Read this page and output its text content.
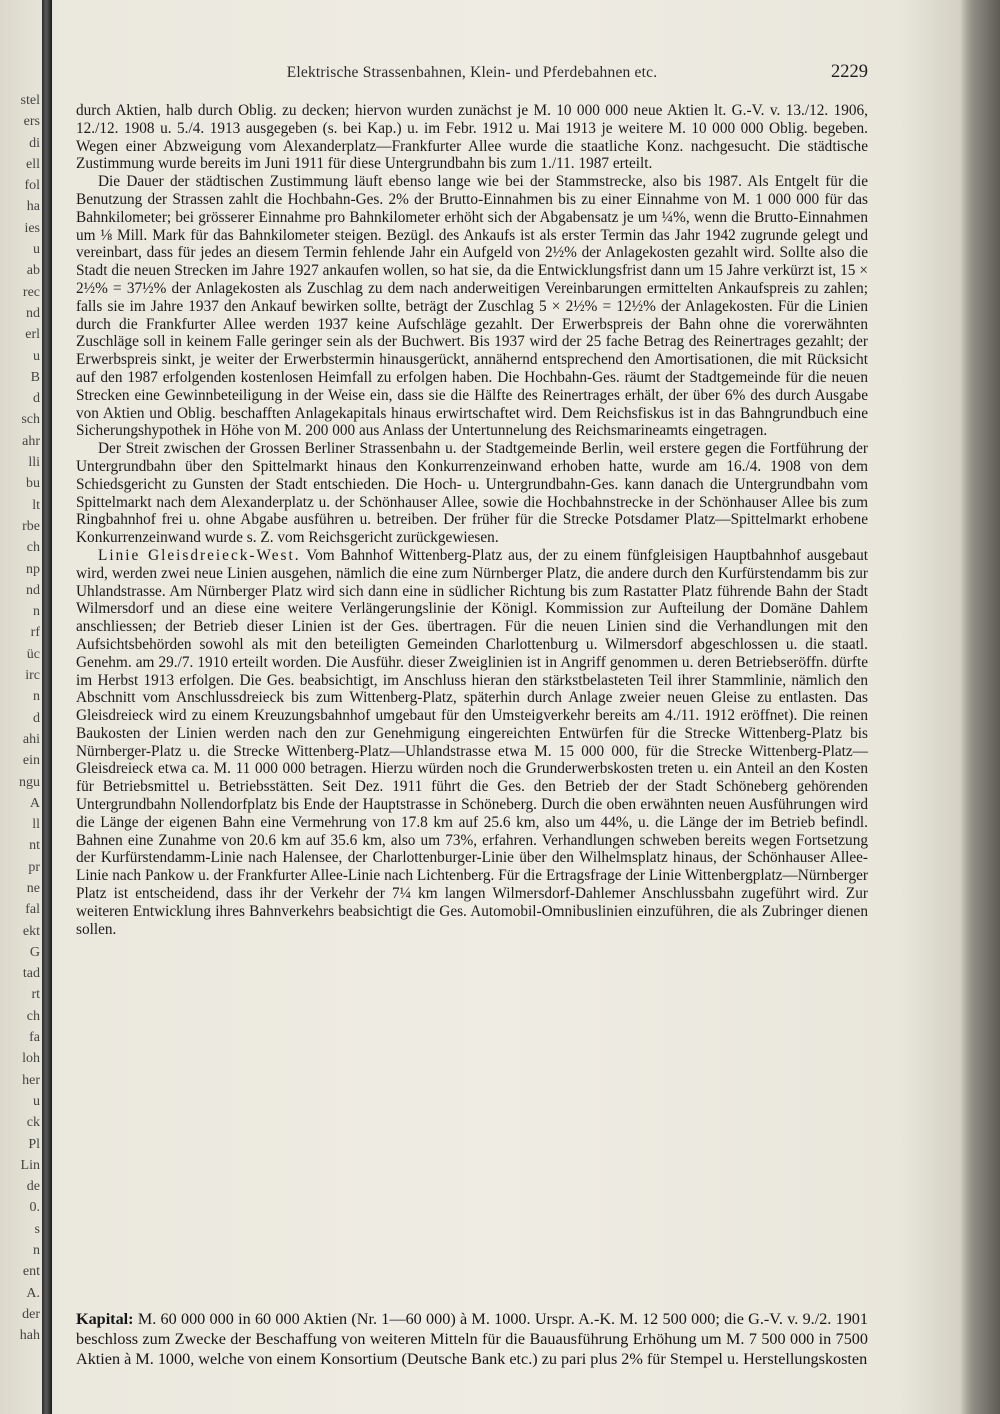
stel
ers
di
ell
fol
ha
ies
u
ab
rec
nd
erl
u
B
d
sch
ahr
lli
bu
lt
rbe
ch
np
nd
n
rf
üc
irc
n
d
ahi
ein
ngu
A
ll
nt
pr
ne
fal
ekt
G
tad
rt
ch
fa
loh
her
u
ck
Pl
Lin
de
0.
s
n
ent
A.
der
hah
Elektrische Strassenbahnen, Klein- und Pferdebahnen etc.	2229

durch Aktien, halb durch Oblig. zu decken; hiervon wurden zunächst je M. 10 000 000 neue Aktien lt. G.-V. v. 13./12. 1906, 12./12. 1908 u. 5./4. 1913 ausgegeben (s. bei Kap.) u. im Febr. 1912 u. Mai 1913 je weitere M. 10 000 000 Oblig. begeben. Wegen einer Abzweigung vom Alexanderplatz—Frankfurter Allee wurde die staatliche Konz. nachgesucht. Die städtische Zustimmung wurde bereits im Juni 1911 für diese Untergrundbahn bis zum 1./11. 1987 erteilt.

Die Dauer der städtischen Zustimmung läuft ebenso lange wie bei der Stammstrecke, also bis 1987. Als Entgelt für die Benutzung der Strassen zahlt die Hochbahn-Ges. 2% der Brutto-Einnahmen bis zu einer Einnahme von M. 1 000 000 für das Bahnkilometer; bei grösserer Einnahme pro Bahnkilometer erhöht sich der Abgabensatz je um ¼%, wenn die Brutto-Einnahmen um ⅛ Mill. Mark für das Bahnkilometer steigen. Bezügl. des Ankaufs ist als erster Termin das Jahr 1942 zugrunde gelegt und vereinbart, dass für jedes an diesem Termin fehlende Jahr ein Aufgeld von 2½% der Anlagekosten gezahlt wird. Sollte also die Stadt die neuen Strecken im Jahre 1927 ankaufen wollen, so hat sie, da die Entwicklungsfrist dann um 15 Jahre verkürzt ist, 15 × 2½% = 37½% der Anlagekosten als Zuschlag zu dem nach anderweitigen Vereinbarungen ermittelten Ankaufspreis zu zahlen; falls sie im Jahre 1937 den Ankauf bewirken sollte, beträgt der Zuschlag 5 × 2½% = 12½% der Anlagekosten. Für die Linien durch die Frankfurter Allee werden 1937 keine Aufschläge gezahlt. Der Erwerbspreis der Bahn ohne die vorerwähnten Zuschläge soll in keinem Falle geringer sein als der Buchwert. Bis 1937 wird der 25 fache Betrag des Reinertrages gezahlt; der Erwerbspreis sinkt, je weiter der Erwerbstermin hinausgerückt, annähernd entsprechend den Amortisationen, die mit Rücksicht auf den 1987 erfolgenden kostenlosen Heimfall zu erfolgen haben. Die Hochbahn-Ges. räumt der Stadtgemeinde für die neuen Strecken eine Gewinnbeteiligung in der Weise ein, dass sie die Hälfte des Reinertrages erhält, der über 6% des durch Ausgabe von Aktien und Oblig. beschafften Anlagekapitals hinaus erwirtschaftet wird. Dem Reichsfiskus ist in das Bahngrundbuch eine Sicherungshypothek in Höhe von M. 200 000 aus Anlass der Untertunnelung des Reichsmarineamts eingetragen.

Der Streit zwischen der Grossen Berliner Strassenbahn u. der Stadtgemeinde Berlin, weil erstere gegen die Fortführung der Untergrundbahn über den Spittelmarkt hinaus den Konkurrenzeinwand erhoben hatte, wurde am 16./4. 1908 von dem Schiedsgericht zu Gunsten der Stadt entschieden. Die Hoch- u. Untergrundbahn-Ges. kann danach die Untergrundbahn vom Spittelmarkt nach dem Alexanderplatz u. der Schönhauser Allee, sowie die Hochbahnstrecke in der Schönhauser Allee bis zum Ringbahnhof frei u. ohne Abgabe ausführen u. betreiben. Der früher für die Strecke Potsdamer Platz—Spittelmarkt erhobene Konkurrenzeinwand wurde s. Z. vom Reichsgericht zurückgewiesen.

Linie Gleisdreieck-West. Vom Bahnhof Wittenberg-Platz aus, der zu einem fünfgleisigen Hauptbahnhof ausgebaut wird, werden zwei neue Linien ausgehen, nämlich die eine zum Nürnberger Platz, die andere durch den Kurfürstendamm bis zur Uhlandstrasse. Am Nürnberger Platz wird sich dann eine in südlicher Richtung bis zum Rastatter Platz führende Bahn der Stadt Wilmersdorf und an diese eine weitere Verlängerungslinie der Königl. Kommission zur Aufteilung der Domäne Dahlem anschliessen; der Betrieb dieser Linien ist der Ges. übertragen. Für die neuen Linien sind die Verhandlungen mit den Aufsichtsbehörden sowohl als mit den beteiligten Gemeinden Charlottenburg u. Wilmersdorf abgeschlossen u. die staatl. Genehm. am 29./7. 1910 erteilt worden. Die Ausführ. dieser Zweiglinien ist in Angriff genommen u. deren Betriebseröffn. dürfte im Herbst 1913 erfolgen. Die Ges. beabsichtigt, im Anschluss hieran den stärkstbelasteten Teil ihrer Stammlinie, nämlich den Abschnitt vom Anschlussdreieck bis zum Wittenberg-Platz, späterhin durch Anlage zweier neuen Gleise zu entlasten. Das Gleisdreieck wird zu einem Kreuzungsbahnhof umgebaut für den Umsteigverkehr bereits am 4./11. 1912 eröffnet). Die reinen Baukosten der Linien werden nach den zur Genehmigung eingereichten Entwürfen für die Strecke Wittenberg-Platz bis Nürnberger-Platz u. die Strecke Wittenberg-Platz—Uhlandstrasse etwa M. 15 000 000, für die Strecke Wittenberg-Platz—Gleisdreieck etwa ca. M. 11 000 000 betragen. Hierzu würden noch die Grunderwerbskosten treten u. ein Anteil an den Kosten für Betriebsmittel u. Betriebsstätten. Seit Dez. 1911 führt die Ges. den Betrieb der der Stadt Schöneberg gehörenden Untergrundbahn Nollendorfplatz bis Ende der Hauptstrasse in Schöneberg. Durch die oben erwähnten neuen Ausführungen wird die Länge der eigenen Bahn eine Vermehrung von 17.8 km auf 25.6 km, also um 44%, u. die Länge der im Betrieb befindl. Bahnen eine Zunahme von 20.6 km auf 35.6 km, also um 73%, erfahren. Verhandlungen schweben bereits wegen Fortsetzung der Kurfürstendamm-Linie nach Halensee, der Charlottenburger-Linie über den Wilhelmsplatz hinaus, der Schönhauser Allee-Linie nach Pankow u. der Frankfurter Allee-Linie nach Lichtenberg. Für die Ertragsfrage der Linie Wittenbergplatz—Nürnberger Platz ist entscheidend, dass ihr der Verkehr der 7¼ km langen Wilmersdorf-Dahlemer Anschlussbahn zugeführt wird. Zur weiteren Entwicklung ihres Bahnverkehrs beabsichtigt die Ges. Automobil-Omnibuslinien einzuführen, die als Zubringer dienen sollen.

Kapital: M. 60 000 000 in 60 000 Aktien (Nr. 1—60 000) à M. 1000. Urspr. A.-K. M. 12 500 000; die G.-V. v. 9./2. 1901 beschloss zum Zwecke der Beschaffung von weiteren Mitteln für die Bauausführung Erhöhung um M. 7 500 000 in 7500 Aktien à M. 1000, welche von einem Konsortium (Deutsche Bank etc.) zu pari plus 2% für Stempel u. Herstellungskosten
